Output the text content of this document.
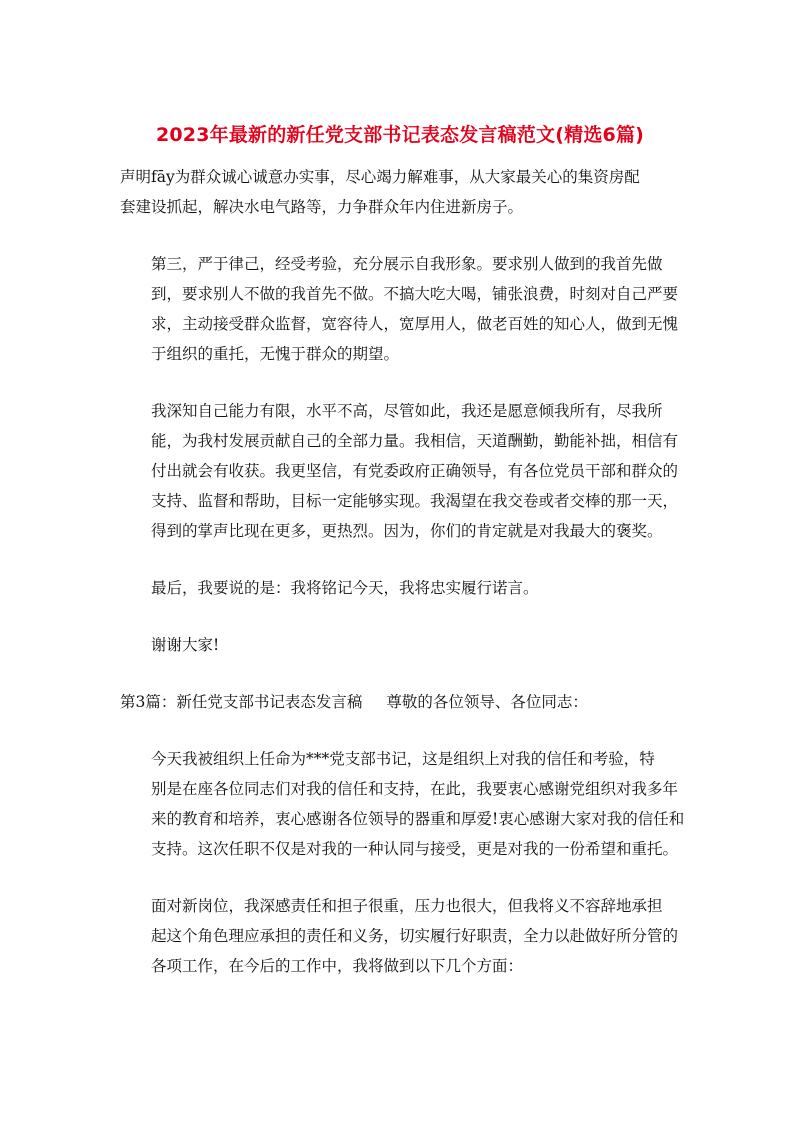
2023年最新的新任党支部书记表态发言稿范文(精选6篇)
声明fāy为群众诚心诚意办实事，尽心竭力解难事，从大家最关心的集资房配
套建设抓起，解决水电气路等，力争群众年内住进新房子。
第三，严于律己，经受考验，充分展示自我形象。要求别人做到的我首先做
到，要求别人不做的我首先不做。不搞大吃大喝，铺张浪费，时刻对自己严要
求，主动接受群众监督，宽容待人，宽厚用人，做老百姓的知心人，做到无愧
于组织的重托，无愧于群众的期望。
我深知自己能力有限，水平不高，尽管如此，我还是愿意倾我所有，尽我所
能，为我村发展贡献自己的全部力量。我相信，天道酬勤，勤能补拙，相信有
付出就会有收获。我更坚信，有党委政府正确领导，有各位党员干部和群众的
支持、监督和帮助，目标一定能够实现。我渴望在我交卷或者交棒的那一天，
得到的掌声比现在更多，更热烈。因为，你们的肯定就是对我最大的褒奖。
最后，我要说的是：我将铭记今天，我将忠实履行诺言。
谢谢大家!
第3篇：新任党支部书记表态发言稿 尊敬的各位领导、各位同志：
今天我被组织上任命为***党支部书记，这是组织上对我的信任和考验，特
别是在座各位同志们对我的信任和支持，在此，我要衷心感谢党组织对我多年
来的教育和培养，衷心感谢各位领导的器重和厚爱!衷心感谢大家对我的信任和
支持。这次任职不仅是对我的一种认同与接受，更是对我的一份希望和重托。
面对新岗位，我深感责任和担子很重，压力也很大，但我将义不容辞地承担
起这个角色理应承担的责任和义务，切实履行好职责，全力以赴做好所分管的
各项工作，在今后的工作中，我将做到以下几个方面：
